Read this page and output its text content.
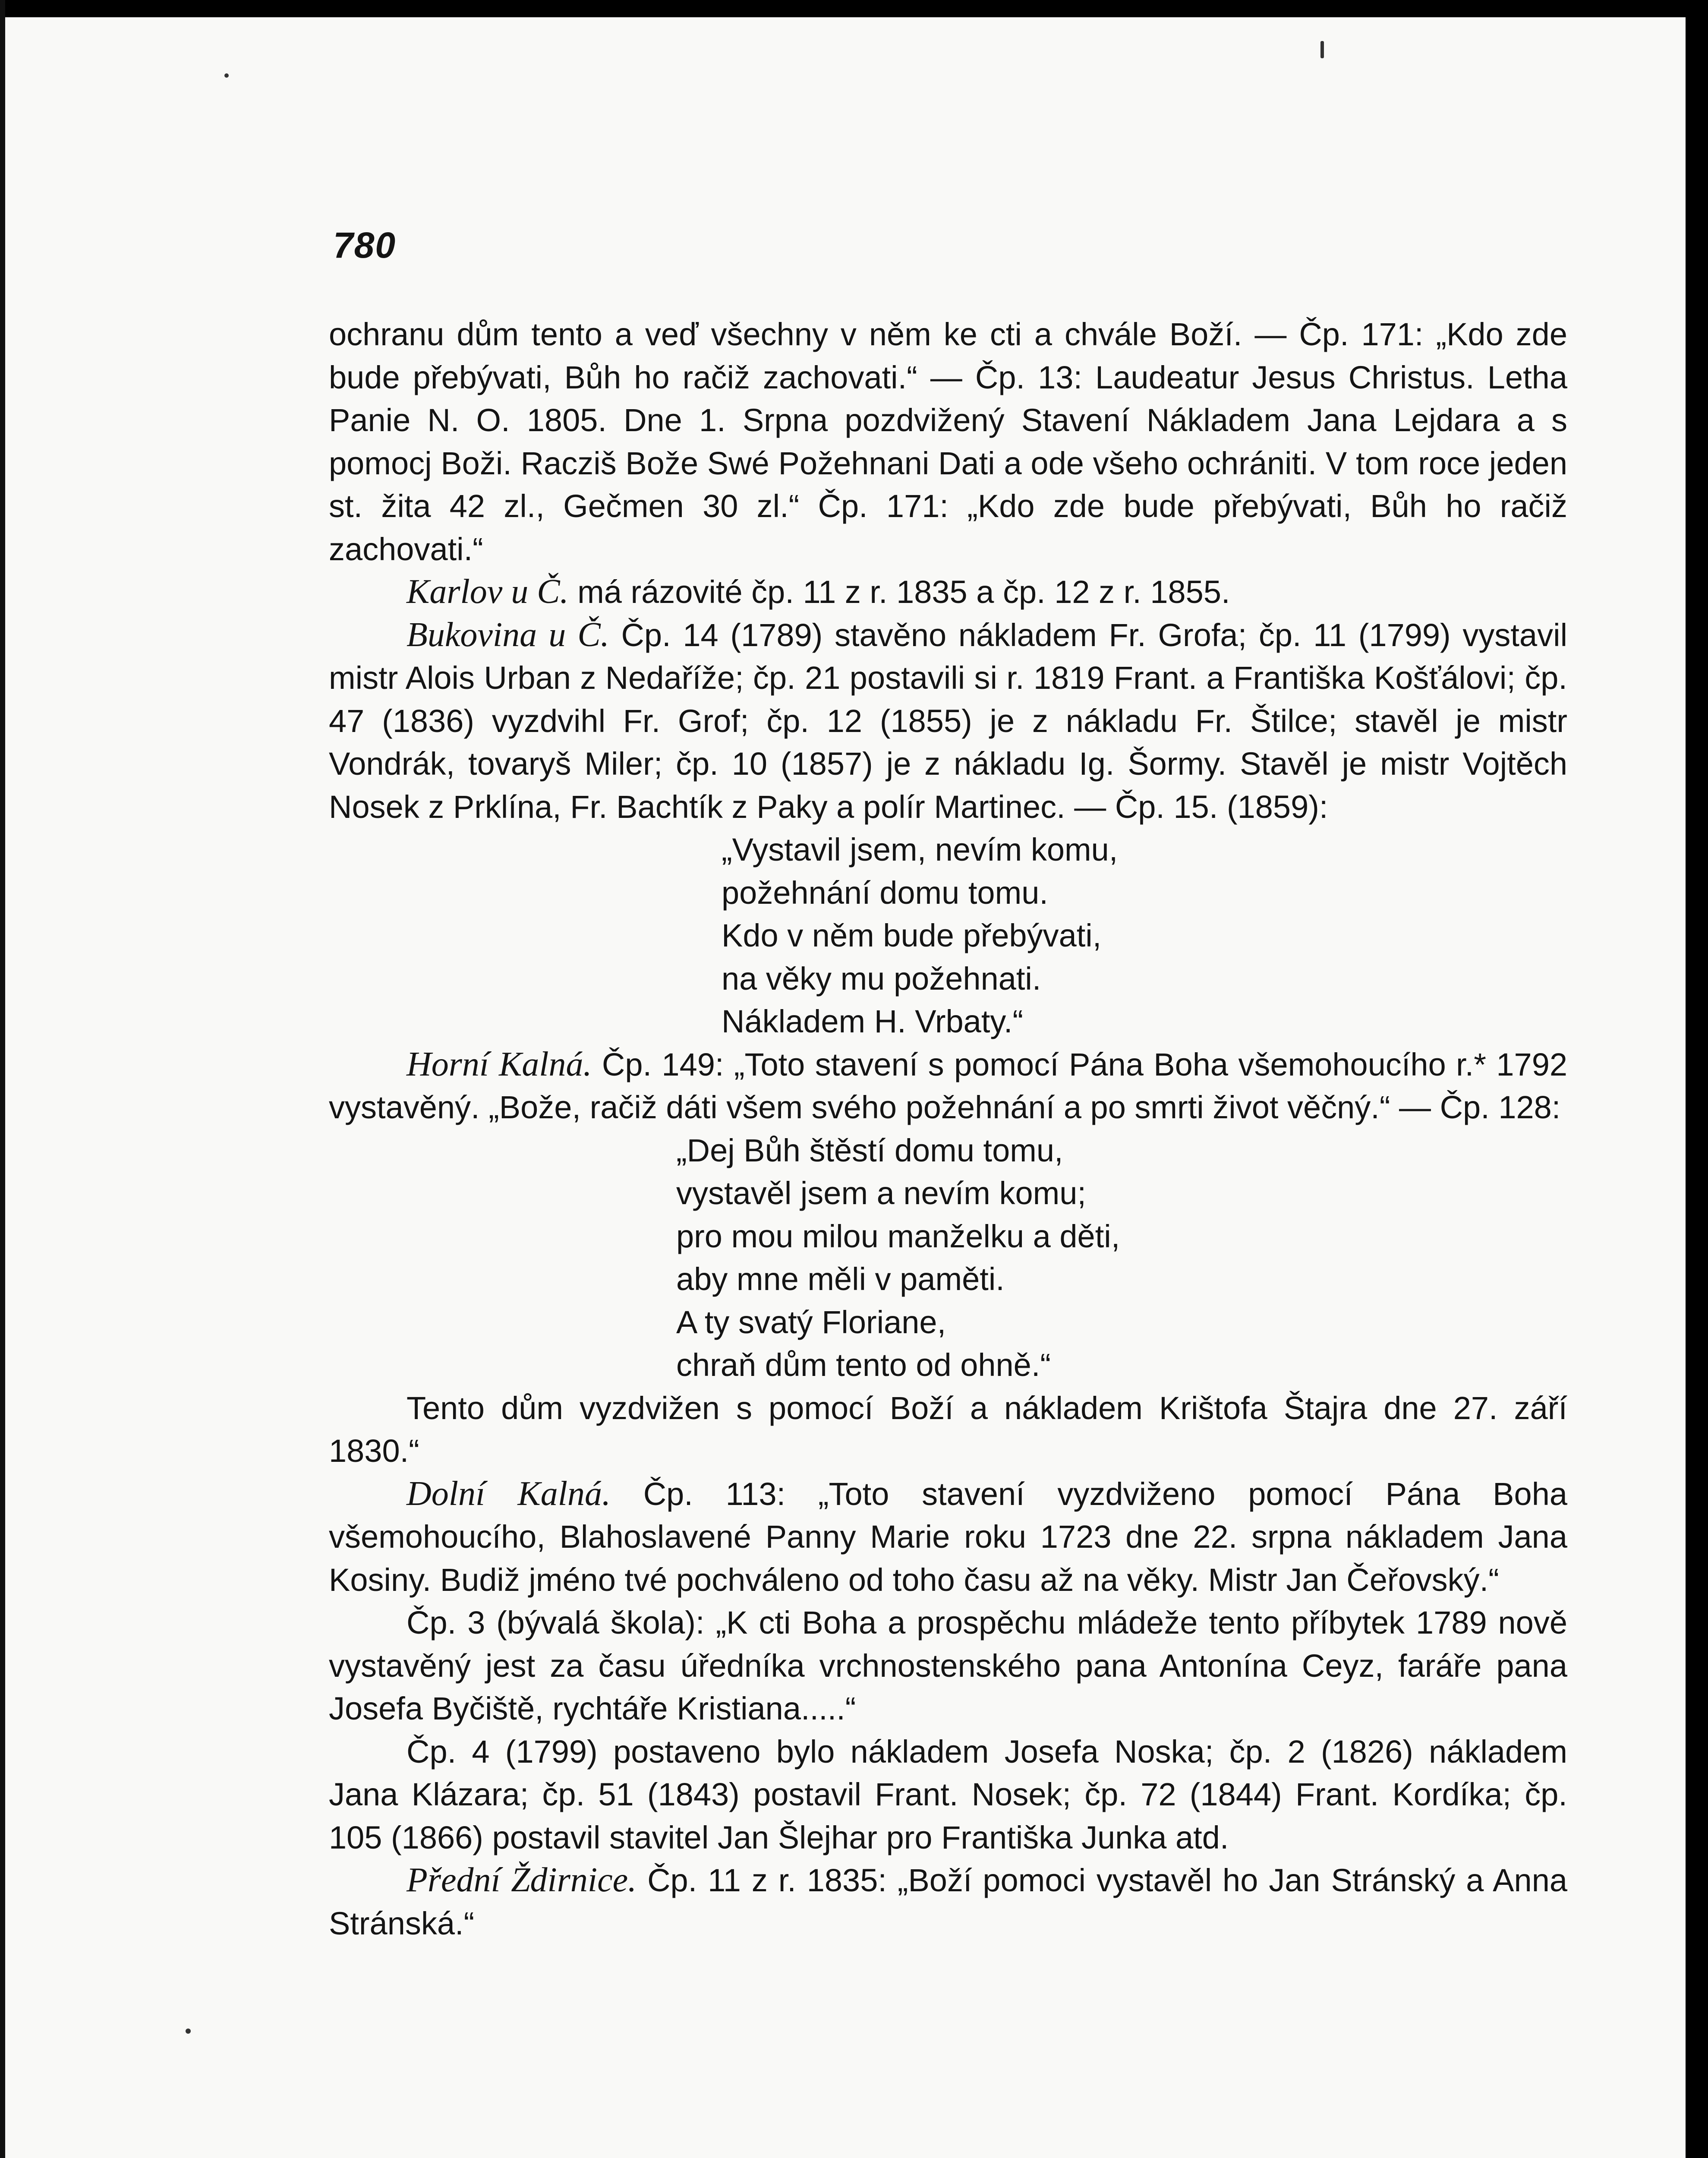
780

ochranu dům tento a veď všechny v něm ke cti a chvále Boží. — Čp. 171: „Kdo zde bude přebývati, Bůh ho račiž zachovati.“ — Čp. 13: Laudeatur Jesus Christus. Letha Panie N. O. 1805. Dne 1. Srpna pozdvižený Stavení Nákladem Jana Lejdara a s pomocj Boži. Racziš Bože Swé Požehnani Dati a ode všeho ochrániti. V tom roce jeden st. žita 42 zl., Gečmen 30 zl.“ Čp. 171: „Kdo zde bude přebývati, Bůh ho račiž zachovati.“

Karlov u Č. má rázovité čp. 11 z r. 1835 a čp. 12 z r. 1855.

Bukovina u Č. Čp. 14 (1789) stavěno nákladem Fr. Grofa; čp. 11 (1799) vystavil mistr Alois Urban z Nedaříže; čp. 21 postavili si r. 1819 Frant. a Františka Košťálovi; čp. 47 (1836) vyzdvihl Fr. Grof; čp. 12 (1855) je z nákladu Fr. Štilce; stavěl je mistr Vondrák, tovaryš Miler; čp. 10 (1857) je z nákladu Ig. Šormy. Stavěl je mistr Vojtěch Nosek z Prklína, Fr. Bachtík z Paky a polír Martinec. — Čp. 15. (1859):

„Vystavil jsem, nevím komu,
požehnání domu tomu.
Kdo v něm bude přebývati,
na věky mu požehnati.
Nákladem H. Vrbaty.“

Horní Kalná. Čp. 149: „Toto stavení s pomocí Pána Boha všemohoucího r.* 1792 vystavěný. „Bože, račiž dáti všem svého požehnání a po smrti život věčný.“ — Čp. 128:

„Dej Bůh štěstí domu tomu,
vystavěl jsem a nevím komu;
pro mou milou manželku a děti,
aby mne měli v paměti.
A ty svatý Floriane,
chraň dům tento od ohně.“

Tento dům vyzdvižen s pomocí Boží a nákladem Krištofa Štajra dne 27. září 1830.“

Dolní Kalná. Čp. 113: „Toto stavení vyzdviženo pomocí Pána Boha všemohoucího, Blahoslavené Panny Marie roku 1723 dne 22. srpna nákladem Jana Kosiny. Budiž jméno tvé pochváleno od toho času až na věky. Mistr Jan Čeřovský.“

Čp. 3 (bývalá škola): „K cti Boha a prospěchu mládeže tento příbytek 1789 nově vystavěný jest za času úředníka vrchnostenského pana Antonína Ceyz, faráře pana Josefa Byčiště, rychtáře Kristiana.....“

Čp. 4 (1799) postaveno bylo nákladem Josefa Noska; čp. 2 (1826) nákladem Jana Klázara; čp. 51 (1843) postavil Frant. Nosek; čp. 72 (1844) Frant. Kordíka; čp. 105 (1866) postavil stavitel Jan Šlejhar pro Františka Junka atd.

Přední Ždirnice. Čp. 11 z r. 1835: „Boží pomoci vystavěl ho Jan Stránský a Anna Stránská.“
